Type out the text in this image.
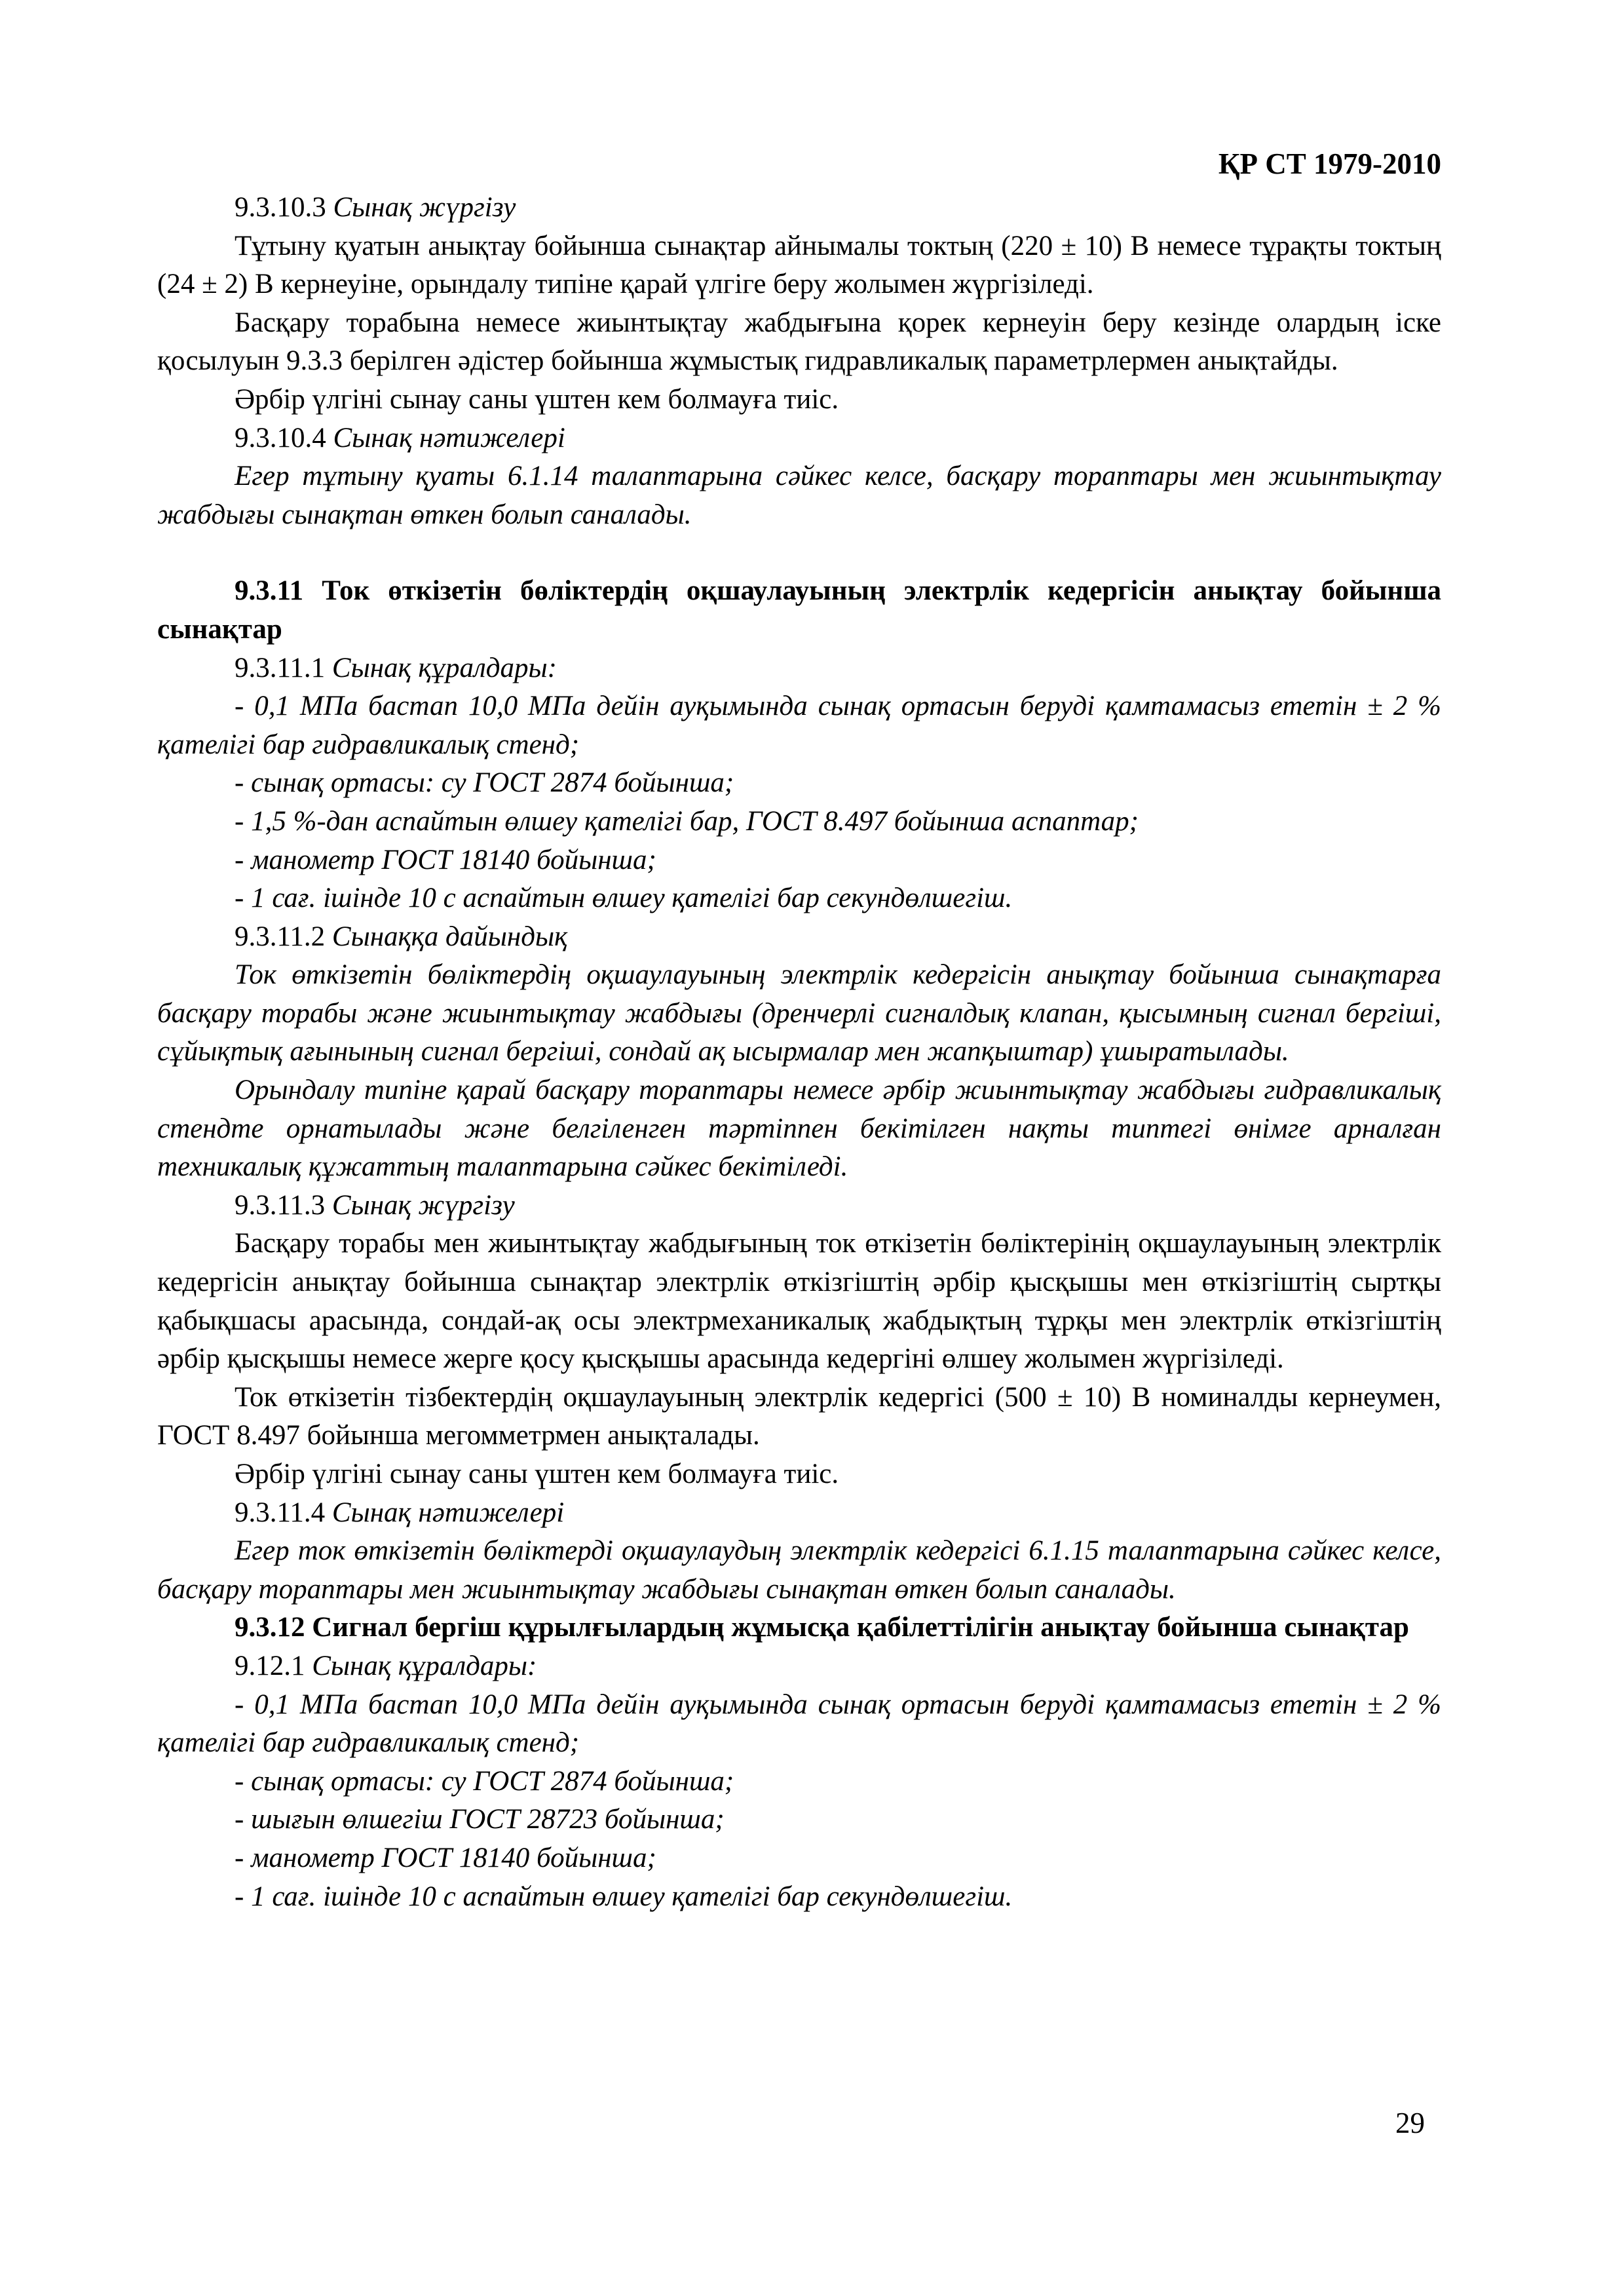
ҚР СТ 1979-2010

9.3.10.3 Сынақ жүргізу

Тұтыну қуатын анықтау бойынша сынақтар айнымалы токтың (220 ± 10) В немесе тұрақты токтың (24 ± 2) В кернеуіне, орындалу типіне қарай үлгіге беру жолымен жүргізіледі.

Басқару торабына немесе жиынтықтау жабдығына қорек кернеуін беру кезінде олардың іске қосылуын 9.3.3 берілген әдістер бойынша жұмыстық гидравликалық параметрлермен анықтайды.

Әрбір үлгіні сынау саны үштен кем болмауға тиіс.

9.3.10.4 Сынақ нәтижелері

Егер тұтыну қуаты 6.1.14 талаптарына сәйкес келсе, басқару тораптары мен жиынтықтау жабдығы сынақтан өткен болып саналады.

9.3.11 Ток өткізетін бөліктердің оқшаулауының электрлік кедергісін анықтау бойынша сынақтар

9.3.11.1 Сынақ құралдары:

- 0,1 МПа бастап 10,0 МПа дейін ауқымында сынақ ортасын беруді қамтамасыз ететін ± 2 % қателігі бар гидравликалық стенд;

- сынақ ортасы: су ГОСТ 2874 бойынша;

- 1,5 %-дан аспайтын өлшеу қателігі бар, ГОСТ 8.497 бойынша аспаптар;

- манометр ГОСТ 18140 бойынша;

- 1 сағ. ішінде 10 с аспайтын өлшеу қателігі бар секундөлшегіш.

9.3.11.2 Сынаққа дайындық

Ток өткізетін бөліктердің оқшаулауының электрлік кедергісін анықтау бойынша сынақтарға басқару торабы және жиынтықтау жабдығы (дренчерлі сигналдық клапан, қысымның сигнал бергіші, сұйықтық ағынының сигнал бергіші, сондай ақ ысырмалар мен жапқыштар) ұшыратылады.

Орындалу типіне қарай басқару тораптары немесе әрбір жиынтықтау жабдығы гидравликалық стендте орнатылады және белгіленген тәртіппен бекітілген нақты типтегі өнімге арналған техникалық құжаттың талаптарына сәйкес бекітіледі.

9.3.11.3 Сынақ жүргізу

Басқару торабы мен жиынтықтау жабдығының ток өткізетін бөліктерінің оқшаулауының электрлік кедергісін анықтау бойынша сынақтар электрлік өткізгіштің әрбір қысқышы мен өткізгіштің сыртқы қабықшасы арасында, сондай-ақ осы электрмеханикалық жабдықтың тұрқы мен электрлік өткізгіштің әрбір қысқышы немесе жерге қосу қысқышы арасында кедергіні өлшеу жолымен жүргізіледі.

Ток өткізетін тізбектердің оқшаулауының электрлік кедергісі (500 ± 10) В номиналды кернеумен, ГОСТ 8.497 бойынша мегомметрмен анықталады.

Әрбір үлгіні сынау саны үштен кем болмауға тиіс.

9.3.11.4 Сынақ нәтижелері

Егер ток өткізетін бөліктерді оқшаулаудың электрлік кедергісі 6.1.15 талаптарына сәйкес келсе, басқару тораптары мен жиынтықтау жабдығы сынақтан өткен болып саналады.

9.3.12 Сигнал бергіш құрылғылардың жұмысқа қабілеттілігін анықтау бойынша сынақтар

9.12.1 Сынақ құралдары:

- 0,1 МПа бастап 10,0 МПа дейін ауқымында сынақ ортасын беруді қамтамасыз ететін ± 2 % қателігі бар гидравликалық стенд;

- сынақ ортасы: су ГОСТ 2874 бойынша;

- шығын өлшегіш ГОСТ 28723 бойынша;

- манометр ГОСТ 18140 бойынша;

- 1 сағ. ішінде 10 с аспайтын өлшеу қателігі бар секундөлшегіш.

29
